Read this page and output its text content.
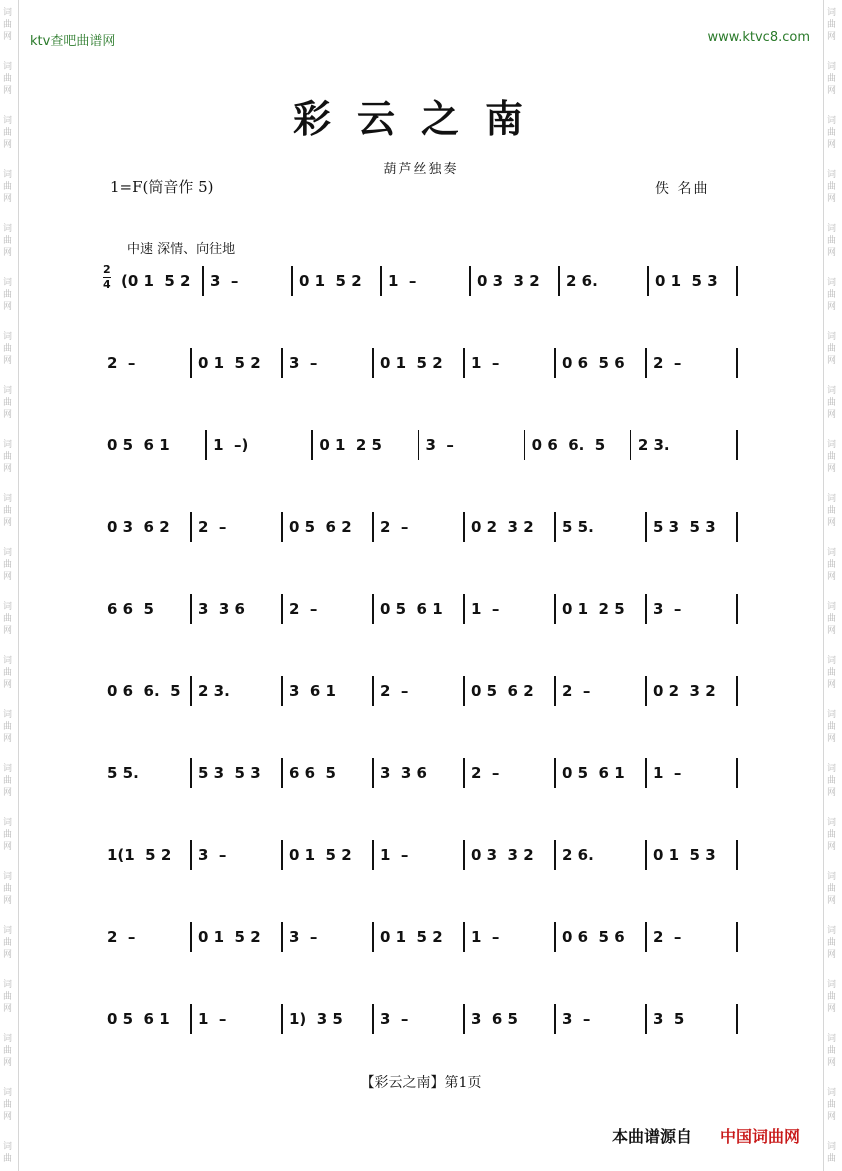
词
曲
网
词
曲
网
词
曲
网
词
曲
网
词
曲
网
词
曲
网
词
曲
网
词
曲
网
词
曲
网
词
曲
网
词
曲
网
词
曲
网
词
曲
网
词
曲
网
词
曲
网
词
曲
网
词
曲
网
词
曲
网
词
曲
网
词
曲
网
词
曲
网
词
曲
词
曲
网
词
曲
网
词
曲
网
词
曲
网
词
曲
网
词
曲
网
词
曲
网
词
曲
网
词
曲
网
词
曲
网
词
曲
网
词
曲
网
词
曲
网
词
曲
网
词
曲
网
词
曲
网
词
曲
网
词
曲
网
词
曲
网
词
曲
网
词
曲
网
词
曲
ktv查吧曲谱网	www.ktvc8.com
彩云之南
葫芦丝独奏
1=F(筒音作 5)	佚 名曲
中速 深情、向往地
2
4 (0 1  5 2 3  –	0 1  5 2 1  –	0 3  3 2 2 6.	0 1  5 3
2  –	0 1  5 2 3  –	0 1  5 2 1  –	0 6  5 6 2  –
0 5  6 1	1  –)	0 1  2 5	3  –	0 6  6.  5 2 3.
0 3  6 2 2  –	0 5  6 2 2  –	0 2  3 2 5 5.	5 3  5 3
6 6  5	3  3 6	2  –	0 5  6 1 1  –	0 1  2 5 3  –
0 6  6.  5 2 3.	3  6 1	2  –	0 5  6 2 2  –	0 2  3 2
5 5.	5 3  5 3 6 6  5	3  3 6	2  –	0 5  6 1 1  –
1(1  5 2 3  –	0 1  5 2 1  –	0 3  3 2 2 6.	0 1  5 3
2  –	0 1  5 2 3  –	0 1  5 2 1  –	0 6  5 6 2  –
0 5  6 1 1  –	1)  3 5 3  –	3  6 5	3  –	3  5
【彩云之南】第1页
本曲谱源自 中国词曲网
